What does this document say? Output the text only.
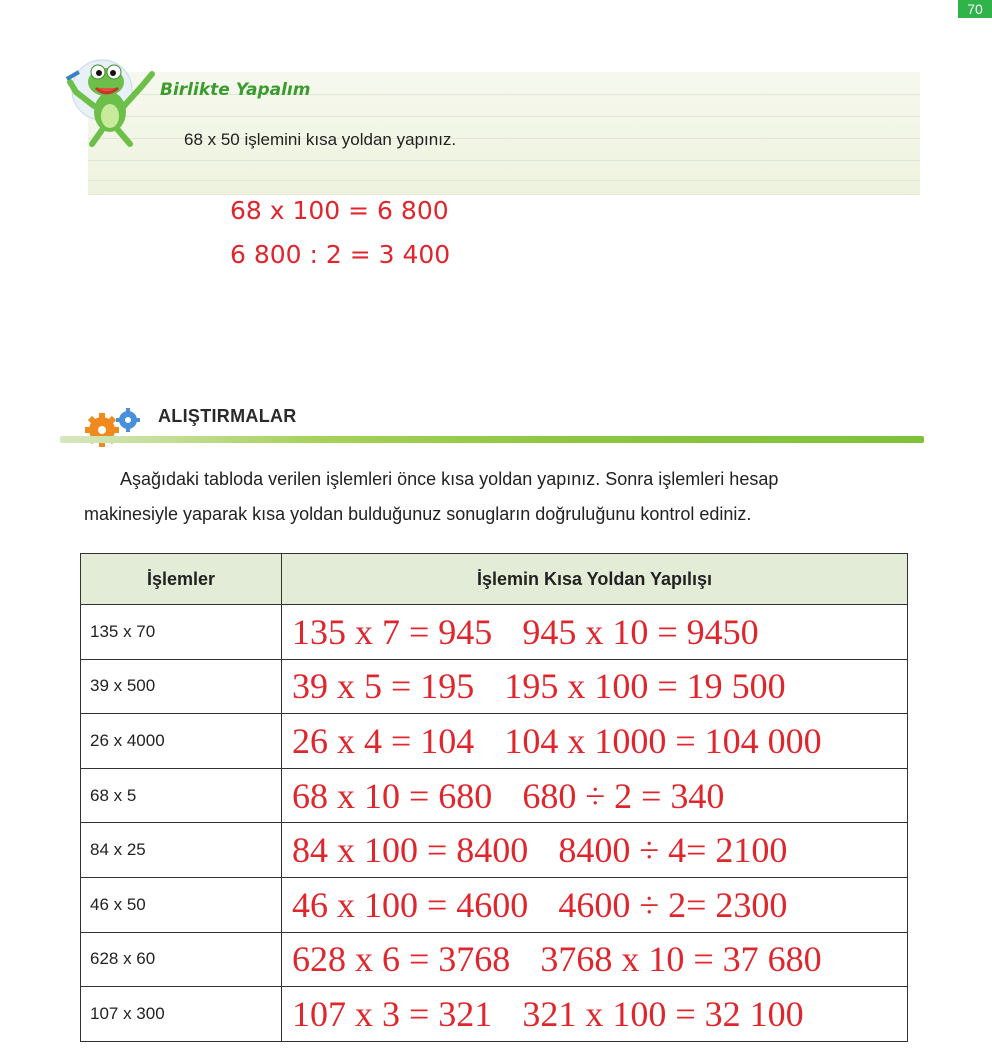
70
Birlikte Yapalım
68 x 50 işlemini kısa yoldan yapınız.
68 x 100 = 6 800
6 800 : 2 = 3 400
ALIŞTIRMALAR

Aşağıdaki tabloda verilen işlemleri önce kısa yoldan yapınız. Sonra işlemleri hesap

makinesiyle yaparak kısa yoldan bulduğunuz sonugların doğruluğunu kontrol ediniz.

İşlemler	İşlemin Kısa Yoldan Yapılışı
135 x 70	135 x 7 = 945 945 x 10 = 9450
39 x 500	39 x 5 = 195 195 x 100 = 19 500
26 x 4000	26 x 4 = 104 104 x 1000 = 104 000
68 x 5	68 x 10 = 680 680 ÷ 2 = 340
84 x 25	84 x 100 = 8400 8400 ÷ 4= 2100
46 x 50	46 x 100 = 4600 4600 ÷ 2= 2300
628 x 60	628 x 6 = 3768 3768 x 10 = 37 680
107 x 300	107 x 3 = 321 321 x 100 = 32 100
